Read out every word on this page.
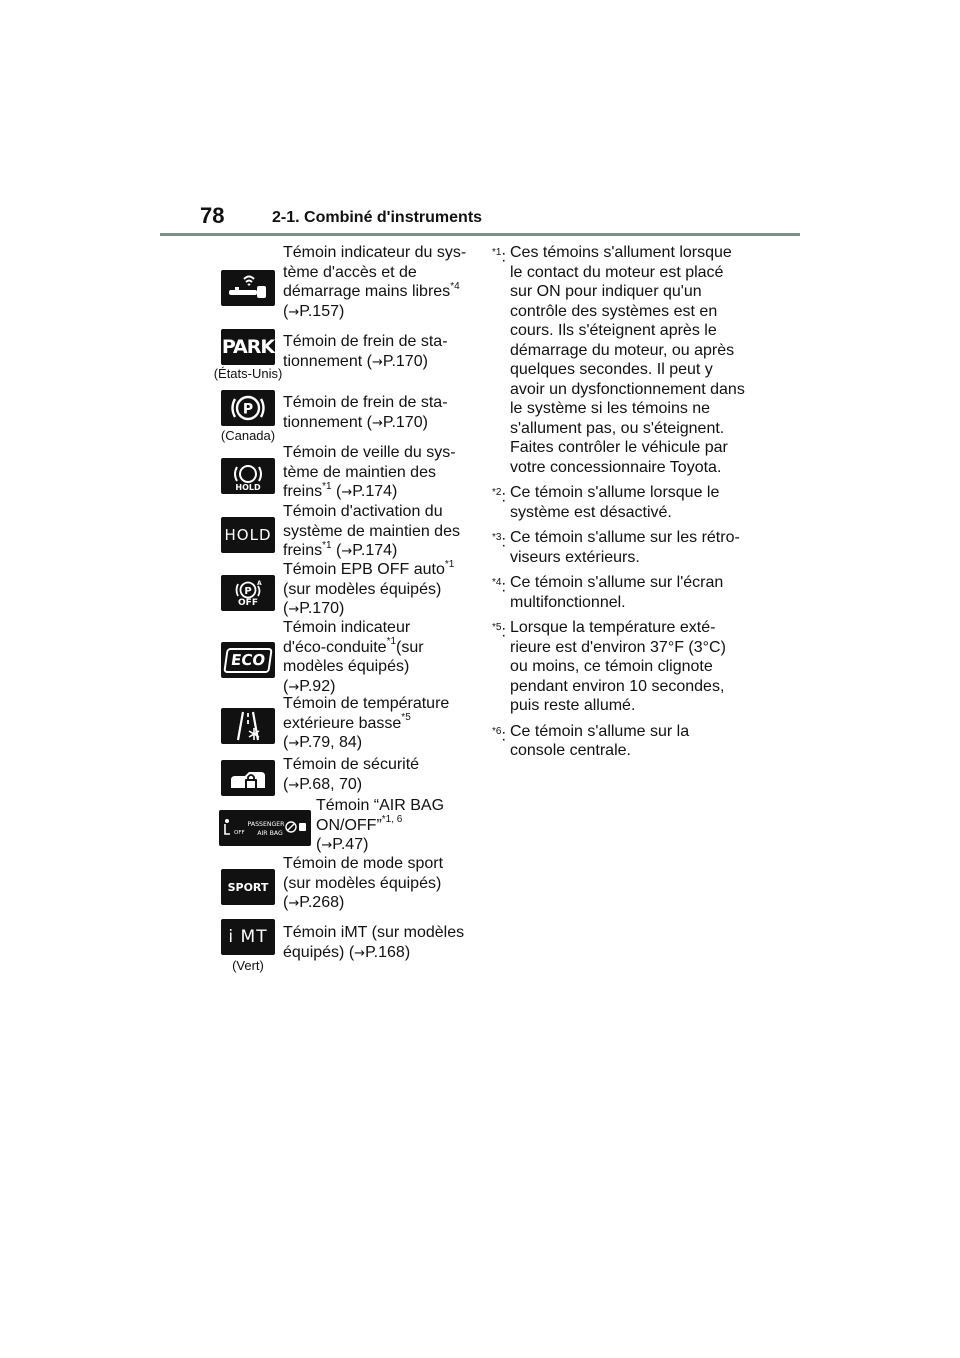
78	2-1. Combiné d'instruments
Témoin indicateur du sys-
tème d'accès et de
démarrage mains libres$^{*4}$
(→P.157)
PARK
(États-Unis)
Témoin de frein de sta-
tionnement (→P.170)
P
(Canada)
Témoin de frein de sta-
tionnement (→P.170)
HOLD
Témoin de veille du sys-
tème de maintien des
freins$^{*1}$ (→P.174)
HOLD
Témoin d'activation du
système de maintien des
freins$^{*1}$ (→P.174)
P
A
OFF
Témoin EPB OFF auto$^{*1}$
(sur modèles équipés)
(→P.170)
ECO
Témoin indicateur
d'éco-conduite$^{*1}$(sur
modèles équipés)
(→P.92)
Témoin de température
extérieure basse$^{*5}$
(→P.79, 84)
Témoin de sécurité
(→P.68, 70)
OFF
PASSENGER
AIR BAG
Témoin “AIR BAG
ON/OFF”$^{*1, 6}$
(→P.47)
SPORT
Témoin de mode sport
(sur modèles équipés)
(→P.268)
i MT
(Vert)
Témoin iMT (sur modèles
équipés) (→P.168)
$^{*1}$: Ces témoins s'allument lorsque
le contact du moteur est placé
sur ON pour indiquer qu'un
contrôle des systèmes est en
cours. Ils s'éteignent après le
démarrage du moteur, ou après
quelques secondes. Il peut y
avoir un dysfonctionnement dans
le système si les témoins ne
s'allument pas, ou s'éteignent.
Faites contrôler le véhicule par
votre concessionnaire Toyota.
$^{*2}$: Ce témoin s'allume lorsque le
système est désactivé.
$^{*3}$: Ce témoin s'allume sur les rétro-
viseurs extérieurs.
$^{*4}$: Ce témoin s'allume sur l'écran
multifonctionnel.
$^{*5}$: Lorsque la température exté-
rieure est d'environ 37°F (3°C)
ou moins, ce témoin clignote
pendant environ 10 secondes,
puis reste allumé.
$^{*6}$: Ce témoin s'allume sur la
console centrale.
